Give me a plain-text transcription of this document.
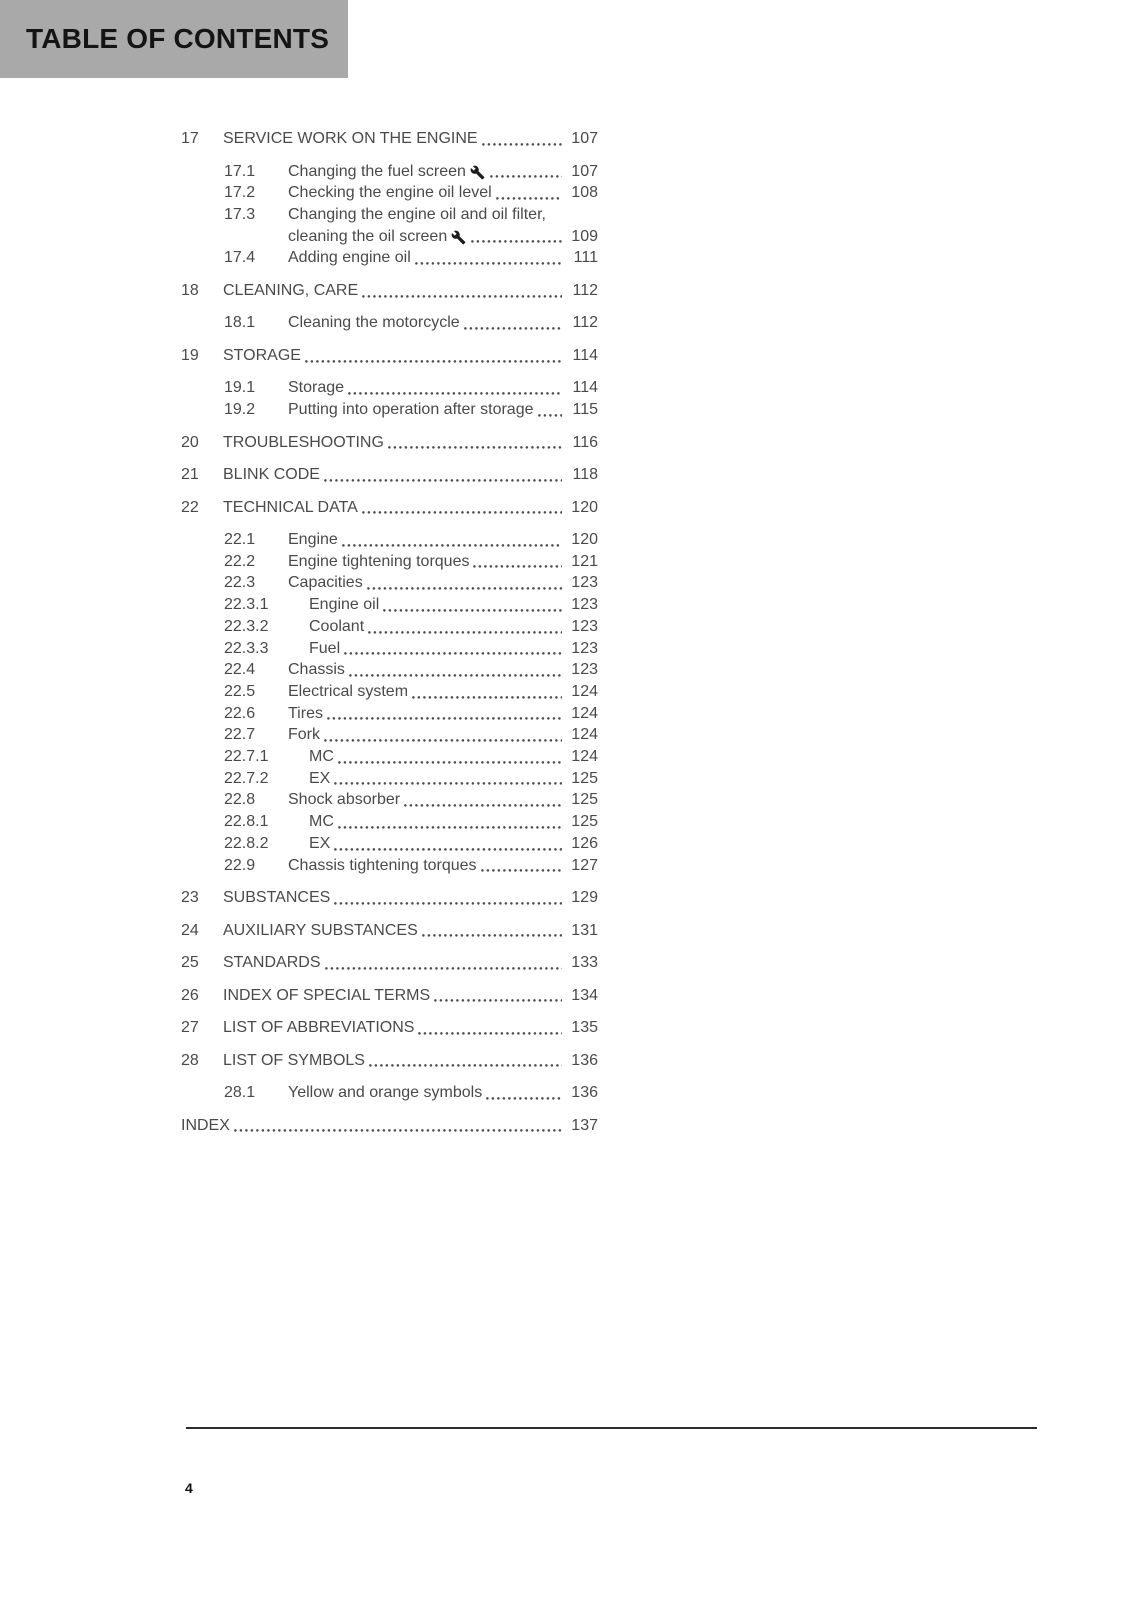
TABLE OF CONTENTS
17	SERVICE WORK ON THE ENGINE	107
17.1	Changing the fuel screen	107
17.2	Checking the engine oil level	108
17.3	Changing the engine oil and oil filter,
cleaning the oil screen	109
17.4	Adding engine oil	111
18	CLEANING, CARE	112
18.1	Cleaning the motorcycle	112
19	STORAGE	114
19.1	Storage	114
19.2	Putting into operation after storage 115
20	TROUBLESHOOTING	116
21	BLINK CODE	118
22	TECHNICAL DATA	120
22.1	Engine	120
22.2	Engine tightening torques	121
22.3	Capacities	123
22.3.1	Engine oil	123
22.3.2	Coolant	123
22.3.3	Fuel	123
22.4	Chassis	123
22.5	Electrical system	124
22.6	Tires	124
22.7	Fork	124
22.7.1	MC	124
22.7.2	EX	125
22.8	Shock absorber	125
22.8.1	MC	125
22.8.2	EX	126
22.9	Chassis tightening torques	127
23	SUBSTANCES	129
24	AUXILIARY SUBSTANCES	131
25	STANDARDS	133
26	INDEX OF SPECIAL TERMS	134
27	LIST OF ABBREVIATIONS	135
28	LIST OF SYMBOLS	136
28.1	Yellow and orange symbols	136
INDEX	137
4
